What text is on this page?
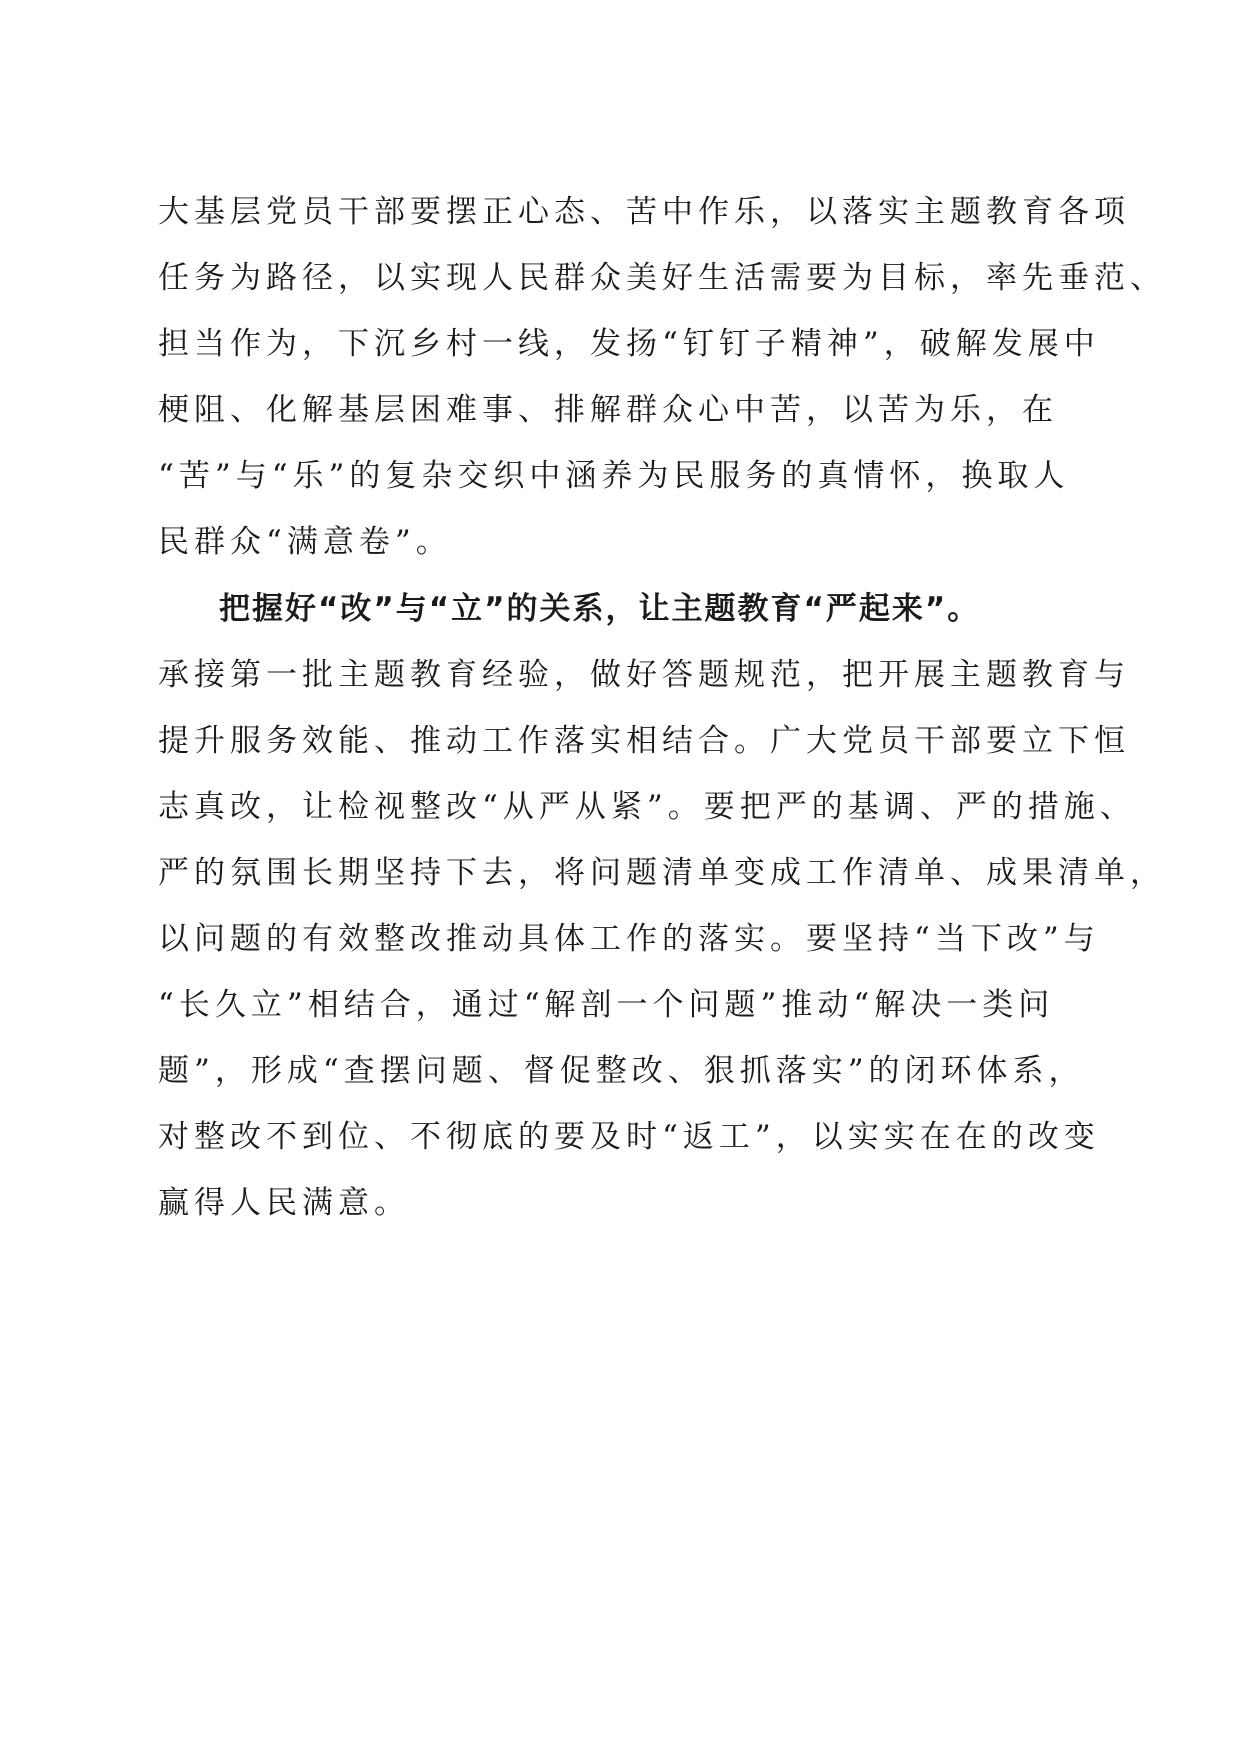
大基层党员干部要摆正心态、苦中作乐，以落实主题教育各项
任务为路径，以实现人民群众美好生活需要为目标，率先垂范、
担当作为，下沉乡村一线，发扬“钉钉子精神”，破解发展中
梗阻、化解基层困难事、排解群众心中苦，以苦为乐，在
“苦”与“乐”的复杂交织中涵养为民服务的真情怀，换取人
民群众“满意卷”。
把握好“改”与“立”的关系，让主题教育“严起来”。
承接第一批主题教育经验，做好答题规范，把开展主题教育与
提升服务效能、推动工作落实相结合。广大党员干部要立下恒
志真改，让检视整改“从严从紧”。要把严的基调、严的措施、
严的氛围长期坚持下去，将问题清单变成工作清单、成果清单，
以问题的有效整改推动具体工作的落实。要坚持“当下改”与
“长久立”相结合，通过“解剖一个问题”推动“解决一类问
题”，形成“查摆问题、督促整改、狠抓落实”的闭环体系，
对整改不到位、不彻底的要及时“返工”，以实实在在的改变
赢得人民满意。
